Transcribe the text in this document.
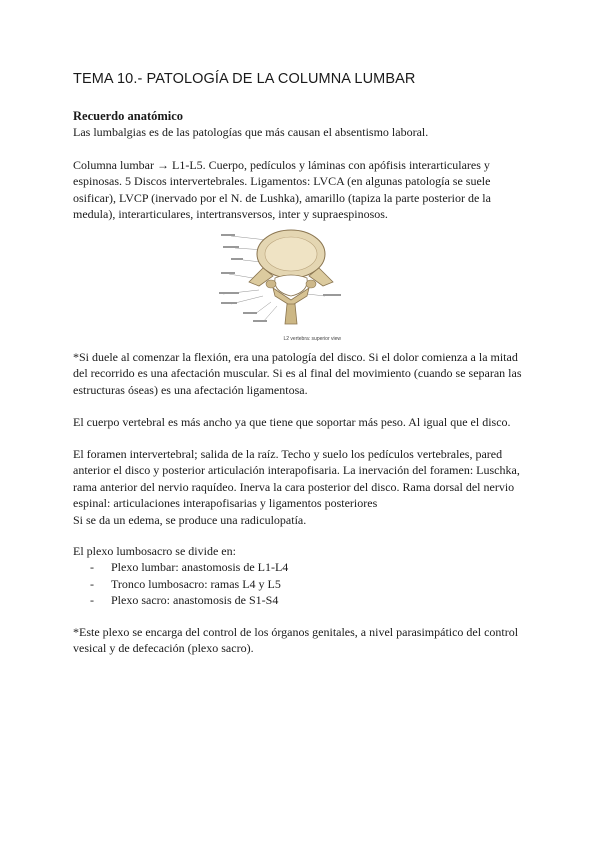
TEMA 10.- PATOLOGÍA DE LA COLUMNA LUMBAR

Recuerdo anatómico

Las lumbalgias es de las patologías que más causan el absentismo laboral.

Columna lumbar → L1-L5. Cuerpo, pedículos y láminas con apófisis interarticulares y espinosas. 5 Discos intervertebrales. Ligamentos: LVCA (en algunas patología se suele osificar), LVCP (inervado por el N. de Lushka), amarillo (tapiza la parte posterior de la medula), interarticulares, intertransversos, inter y supraespinosos.

L2 vertebra: superior view

*Si duele al comenzar la flexión, era una patología del disco. Si el dolor comienza a la mitad del recorrido es una afectación muscular. Si es al final del movimiento (cuando se separan las estructuras óseas) es una afectación ligamentosa.

El cuerpo vertebral es más ancho ya que tiene que soportar más peso. Al igual que el disco.

El foramen intervertebral; salida de la raíz. Techo y suelo los pedículos vertebrales, pared anterior el disco y posterior articulación interapofisaria. La inervación del foramen: Luschka, rama anterior del nervio raquídeo. Inerva la cara posterior del disco. Rama dorsal del nervio espinal: articulaciones interapofisarias y ligamentos posteriores

Si se da un edema, se produce una radiculopatía.

El plexo lumbosacro se divide en:

- Plexo lumbar: anastomosis de L1-L4
- Tronco lumbosacro: ramas L4 y L5
- Plexo sacro: anastomosis de S1-S4

*Este plexo se encarga del control de los órganos genitales, a nivel parasimpático del control vesical y de defecación (plexo sacro).
